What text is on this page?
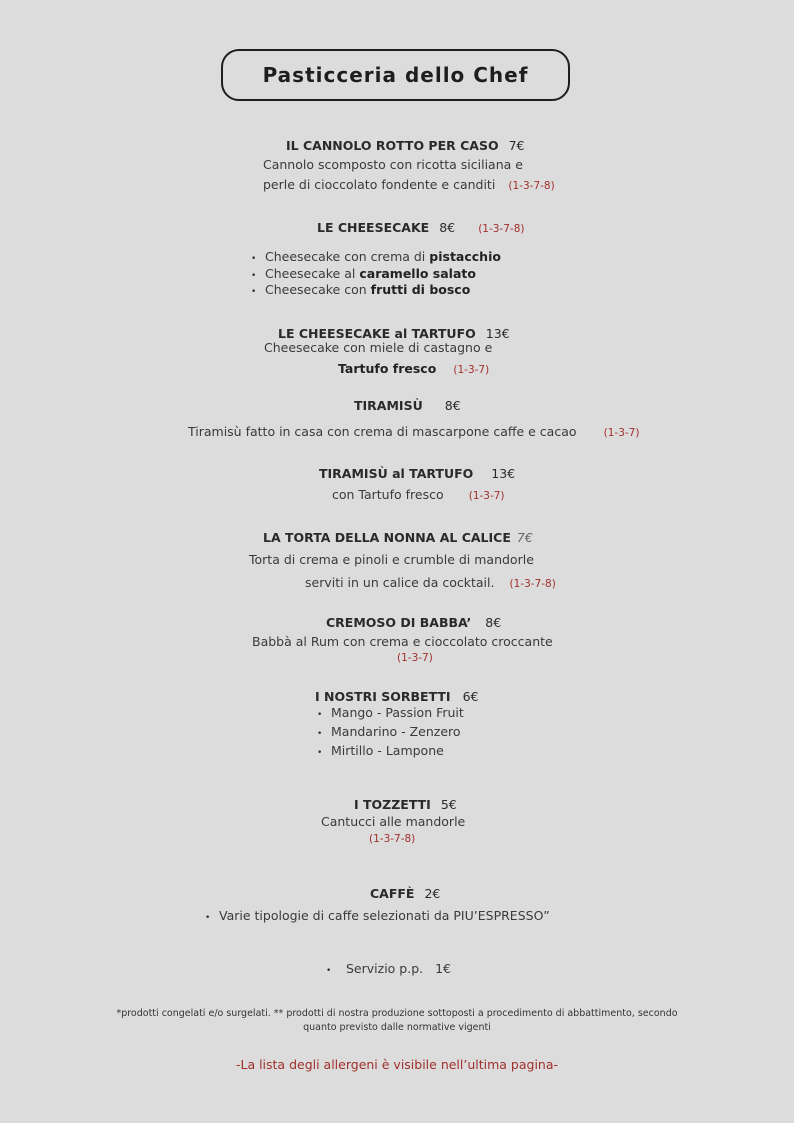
Pasticceria dello Chef
IL CANNOLO ROTTO PER CASO 7€
Cannolo scomposto con ricotta siciliana e
perle di cioccolato fondente e canditi (1-3-7-8)
LE CHEESECAKE 8€ (1-3-7-8)
• Cheesecake con crema di pistacchio
• Cheesecake al caramello salato
• Cheesecake con frutti di bosco
LE CHEESECAKE al TARTUFO 13€
Cheesecake con miele di castagno e
Tartufo fresco (1-3-7)
TIRAMISÙ 8€
Tiramisù fatto in casa con crema di mascarpone caffe e cacao	(1-3-7)
TIRAMISÙ al TARTUFO 13€
con Tartufo fresco (1-3-7)
LA TORTA DELLA NONNA AL CALICE 7€
Torta di crema e pinoli e crumble di mandorle
serviti in un calice da cocktail. (1-3-7-8)
CREMOSO DI BABBA’ 8€
Babbà al Rum con crema e cioccolato croccante
(1-3-7)
I NOSTRI SORBETTI 6€
• Mango - Passion Fruit
• Mandarino - Zenzero
• Mirtillo - Lampone
I TOZZETTI 5€
Cantucci alle mandorle
(1-3-7-8)
CAFFÈ 2€
• Varie tipologie di caffe selezionati da PIU’ESPRESSO”
• Servizio p.p. 1€
*prodotti congelati e/o surgelati. ** prodotti di nostra produzione sottoposti a procedimento di abbattimento, secondo
quanto previsto dalle normative vigenti
-La lista degli allergeni è visibile nell’ultima pagina-
